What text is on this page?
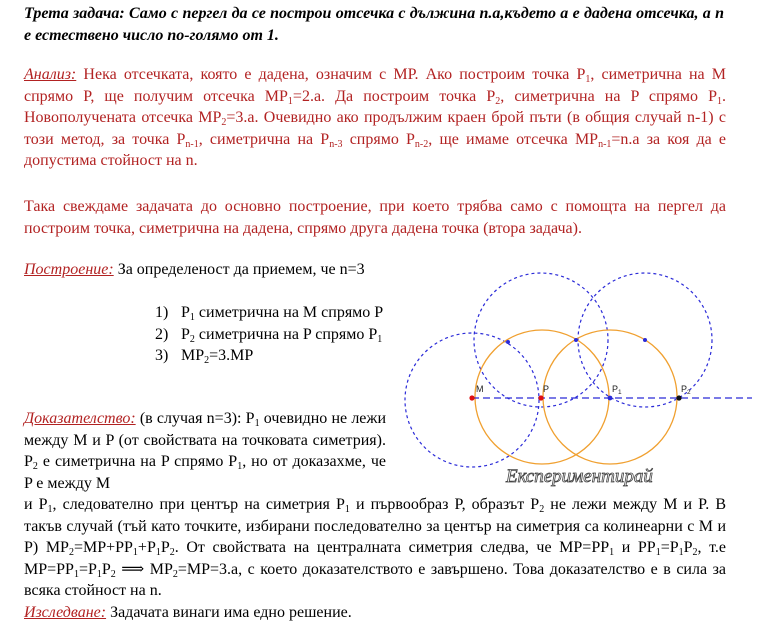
Трета задача: Само с пергел да се построи отсечка с дължина n.a,където a е дадена отсечка, а n е естествено число по-голямо от 1.
Анализ: Нека отсечката, която е дадена, означим с МР. Ако построим точка $P_1$, симетрична на M спрямо P, ще получим отсечка $MP_1=2.а$. Да построим точка $P_2$, симетрична на P спрямо $P_1$. Новополучената отсечка $MP_2=3.а$. Очевидно ако продължим краен брой пъти (в общия случай n-1) с този метод, за точка $P_{n-1}$, симетрична на $P_{n-3}$ спрямо $P_{n-2}$, ще имаме отсечка $MP_{n-1}=n.a$ за коя да е допустима стойност на n.
Така свеждаме задачата до основно построение, при което трябва само с помощта на пергел да построим точка, симетрична на дадена, спрямо друга дадена точка (втора задача).
Построение: За определеност да приемем, че n=3
1) $P_1$ симетрична на M спрямо P
2) $P_2$ симетрична на P спрямо $P_1$
3) $MP_2=3.MP$
Доказателство: (в случая n=3): $P_1$ очевидно не лежи между M и P (от свойствата на точковата симетрия). $P_2$ е симетрична на P спрямо $P_1$, но от доказахме, че P е между M
и $P_1$, следователно при център на симетрия $P_1$ и първообраз P, образът $P_2$ не лежи между M и P. В такъв случай (тъй като точките, избирани последователно за център на симетрия са колинеарни с M и P) $MP_2=MP+PP_1+P_1P_2$. От свойствата на централната симетрия следва, че $MP=PP_1$ и $PP_1=P_1P_2$, т.е $MP=PP_1=P_1P_2$ ⟹ $MP_2=MP=3.a$, с което доказателството е завършено. Това доказателство е в сила за всяка стойност на n.
Изследване: Задачата винаги има едно решение.
M	P	$P_1$	$P_2$
Експериментирай
